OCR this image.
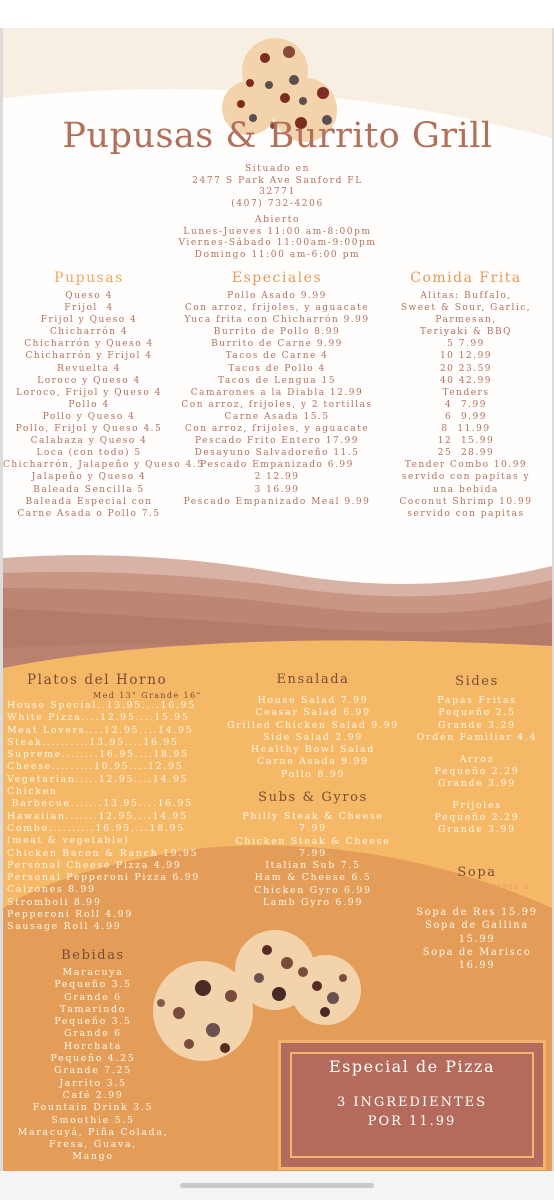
Pupusas & Burrito Grill
Situado en
2477 S Park Ave Sanford FL
32771
(407) 732-4206
Abierto
Lunes-Jueves 11:00 am-8:00pm
Viernes-Sábado 11:00am-9:00pm
Domingo 11:00 am-6:00 pm
Pupusas
Queso 4
Frijol  4
Frijol y Queso 4
Chicharrón 4
Chicharrón y Queso 4
Chicharrón y Frijol 4
Revuelta 4
Loroco y Queso 4
Loroco, Frijol y Queso 4
Pollo 4
Pollo y Queso 4
Pollo, Frijol y Queso 4.5
Calabaza y Queso 4
Loca (con todo) 5
Chicharrón, Jalapeño y Queso 4.5
Jalapeño y Queso 4
Baleada Sencilla 5
Baleada Especial con
Carne Asada o Pollo 7.5
Especiales
Pollo Asado 9.99
Con arroz, frijoles, y aguacate
Yuca frita con Chicharrón 9.99
Burrito de Pollo 8.99
Burrito de Carne 9.99
Tacos de Carne 4
Tacos de Pollo 4
Tacos de Lengua 15
Camarones a la Diabla 12.99
Con arroz, frijoles, y 2 tortillas
Carne Asada 15.5
Con arroz, frijoles, y aguacate
Pescado Frito Entero 17.99
Desayuno Salvadoreño 11.5
Pescado Empanizado 6.99
2 12.99
3 16.99
Pescado Empanizado Meal 9.99
Comida Frita
Alitas: Buffalo,
Sweet & Sour, Garlic,
Parmesan,
Teriyaki & BBQ
5 7.99
10 12.99
20 23.59
40 42.99
Tenders
4  7.99
6  9.99
8  11.99
12  15.99
25  28.99
Tender Combo 10.99
servido con papitas y
una bebida
Coconut Shrimp 10.99
servido con papitas
Platos del Horno
Med 13" Grande 16"
House Special..13.95....16.95
White Pizza....12.95....15.95
Meat Lovers....12.95....14.95
Steak..........13.95....16.95
Supreme........16.95....18.95
Cheese.........10.95....12.95
Vegetarian.....12.95....14.95
Chicken
Barbecue.......13.95....16.95
Hawaiian.......12.95....14.95
Combo..........16.95....18.95
(meat & vegetable)
Chicken Bacon & Ranch 19.95
Personal Cheese Pizza 4.99
Personal Pepperoni Pizza 6.99
Calzones 8.99
Stromboli 8.99
Pepperoni Roll 4.99
Sausage Roll 4.99
Ensalada
House Salad 7.99
Ceasar Salad 6.99
Grilled Chicken Salad 9.99
Side Salad 2.99
Healthy Bowl Salad
Carne Asada 9.99
Pollo 8.99
Subs & Gyros
Philly Steak & Cheese
7.99
Chicken Steak & Cheese
7.99
Italian Sub 7.5
Ham & Cheese 6.5
Chicken Gyro 6.99
Lamb Gyro 6.99
Sides
Papas Fritas
Pequeño 2.5
Grande 3.29
Orden Familiar 4.4
Arroz
Pequeño 2.29
Grande 3.99
Frijoles
Pequeño 2.29
Grande 3.99
Sopa
Servido con arroz o
tortilla
Sopa de Res 15.99
Sopa de Gallina
15.99
Sopa de Marisco
16.99
Bebidas
Maracuya
Pequeño 3.5
Grande 6
Tamarindo
Pequeño 3.5
Grande 6
Horchata
Pequeño 4.25
Grande 7.25
Jarrito 3.5
Café 2.99
Fountain Drink 3.5
Smoothie 5.5
Maracuyá, Piña Colada,
Fresa, Guava,
Mango
Especial de Pizza
3 INGREDIENTES
POR 11.99
